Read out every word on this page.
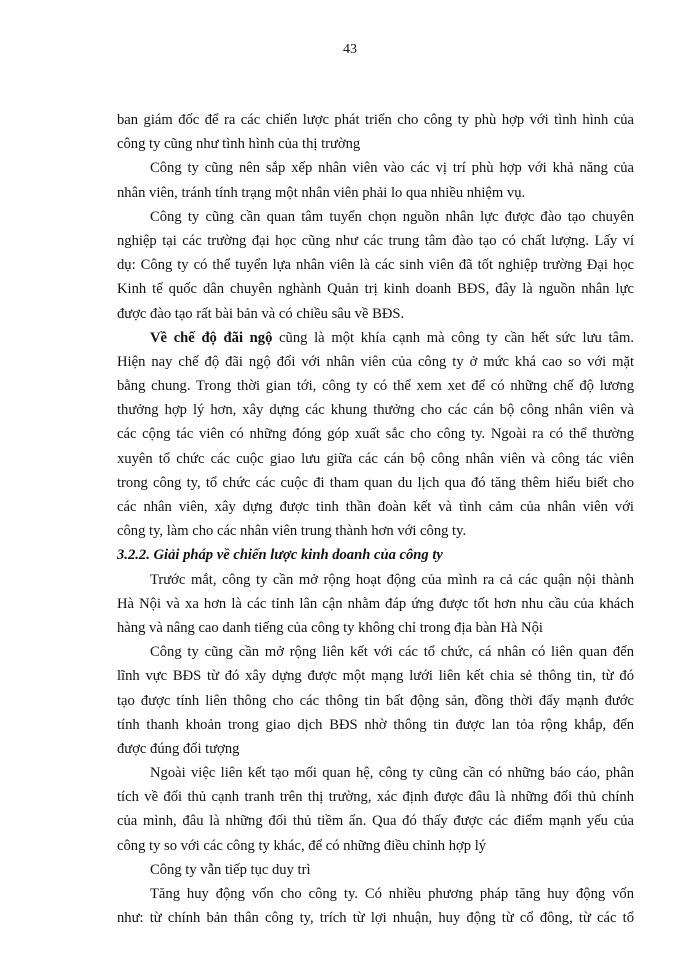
43
ban giám đốc để ra các chiến lược phát triển cho công ty phù hợp với tình hình của
công ty cũng như tình hình của thị trường
Công ty cũng nên sắp xếp nhân viên vào các vị trí phù hợp với khả năng của
nhân viên, tránh tính trạng một nhân viên phải lo qua nhiều nhiệm vụ.
Công ty cũng cần quan tâm tuyển chọn nguồn nhân lực được đào tạo chuyên
nghiệp tại các trường đại học cũng như các trung tâm đào tạo có chất lượng. Lấy ví
dụ: Công ty có thể tuyển lựa nhân viên là các sinh viên đã tốt nghiệp trường Đại học
Kinh tế quốc dân chuyên nghành Quản trị kinh doanh BĐS, đây là nguồn nhân lực
được đào tạo rất bài bản và có chiều sâu về BĐS.
Về chế độ đãi ngộ cũng là một khía cạnh mà công ty cần hết sức lưu tâm.
Hiện nay chế độ đãi ngộ đối với nhân viên của công ty ở mức khá cao so với mặt
bằng chung. Trong thời gian tới, công ty có thể xem xet để có những chế độ lương
thưởng hợp lý hơn, xây dựng các khung thưởng cho các cán bộ công nhân viên và
các cộng tác viên có những đóng góp xuất sắc cho công ty. Ngoài ra có thể thường
xuyên tổ chức các cuộc giao lưu giữa các cán bộ công nhân viên và công tác viên
trong công ty, tổ chức các cuộc đi tham quan du lịch qua đó tăng thêm hiểu biết cho
các nhân viên, xây dựng được tinh thần đoàn kết và tình cảm của nhân viên với
công ty, làm cho các nhân viên trung thành hơn với công ty.
3.2.2. Giải pháp về chiến lược kinh doanh của công ty
Trước mắt, công ty cần mở rộng hoạt động của mình ra cả các quận nội thành
Hà Nội và xa hơn là các tỉnh lân cận nhằm đáp ứng được tốt hơn nhu cầu của khách
hàng và nâng cao danh tiếng của công ty không chỉ trong địa bàn Hà Nội
Công ty cũng cần mở rộng liên kết với các tổ chức, cá nhân có liên quan đến
lĩnh vực BĐS từ đó xây dựng được một mạng lưới liên kết chia sẻ thông tin, từ đó
tạo được tính liên thông cho các thông tin bất động sản, đồng thời đẩy mạnh đước
tính thanh khoản trong giao dịch BĐS nhờ thông tin được lan tỏa rộng khắp, đến
được đúng đối tượng
Ngoài việc liên kết tạo mối quan hệ, công ty cũng cần có những báo cáo, phân
tích về đối thủ cạnh tranh trên thị trường, xác định được đâu là những đối thủ chính
của mình, đâu là những đối thủ tiềm ẩn. Qua đó thấy được các điểm mạnh yếu của
công ty so với các công ty khác, để có những điều chỉnh hợp lý
Công ty vẫn tiếp tục duy trì
Tăng huy động vốn cho công ty. Có nhiều phương pháp tăng huy động vốn
như: từ chính bản thân công ty, trích từ lợi nhuận, huy động từ cổ đông, từ các tổ
